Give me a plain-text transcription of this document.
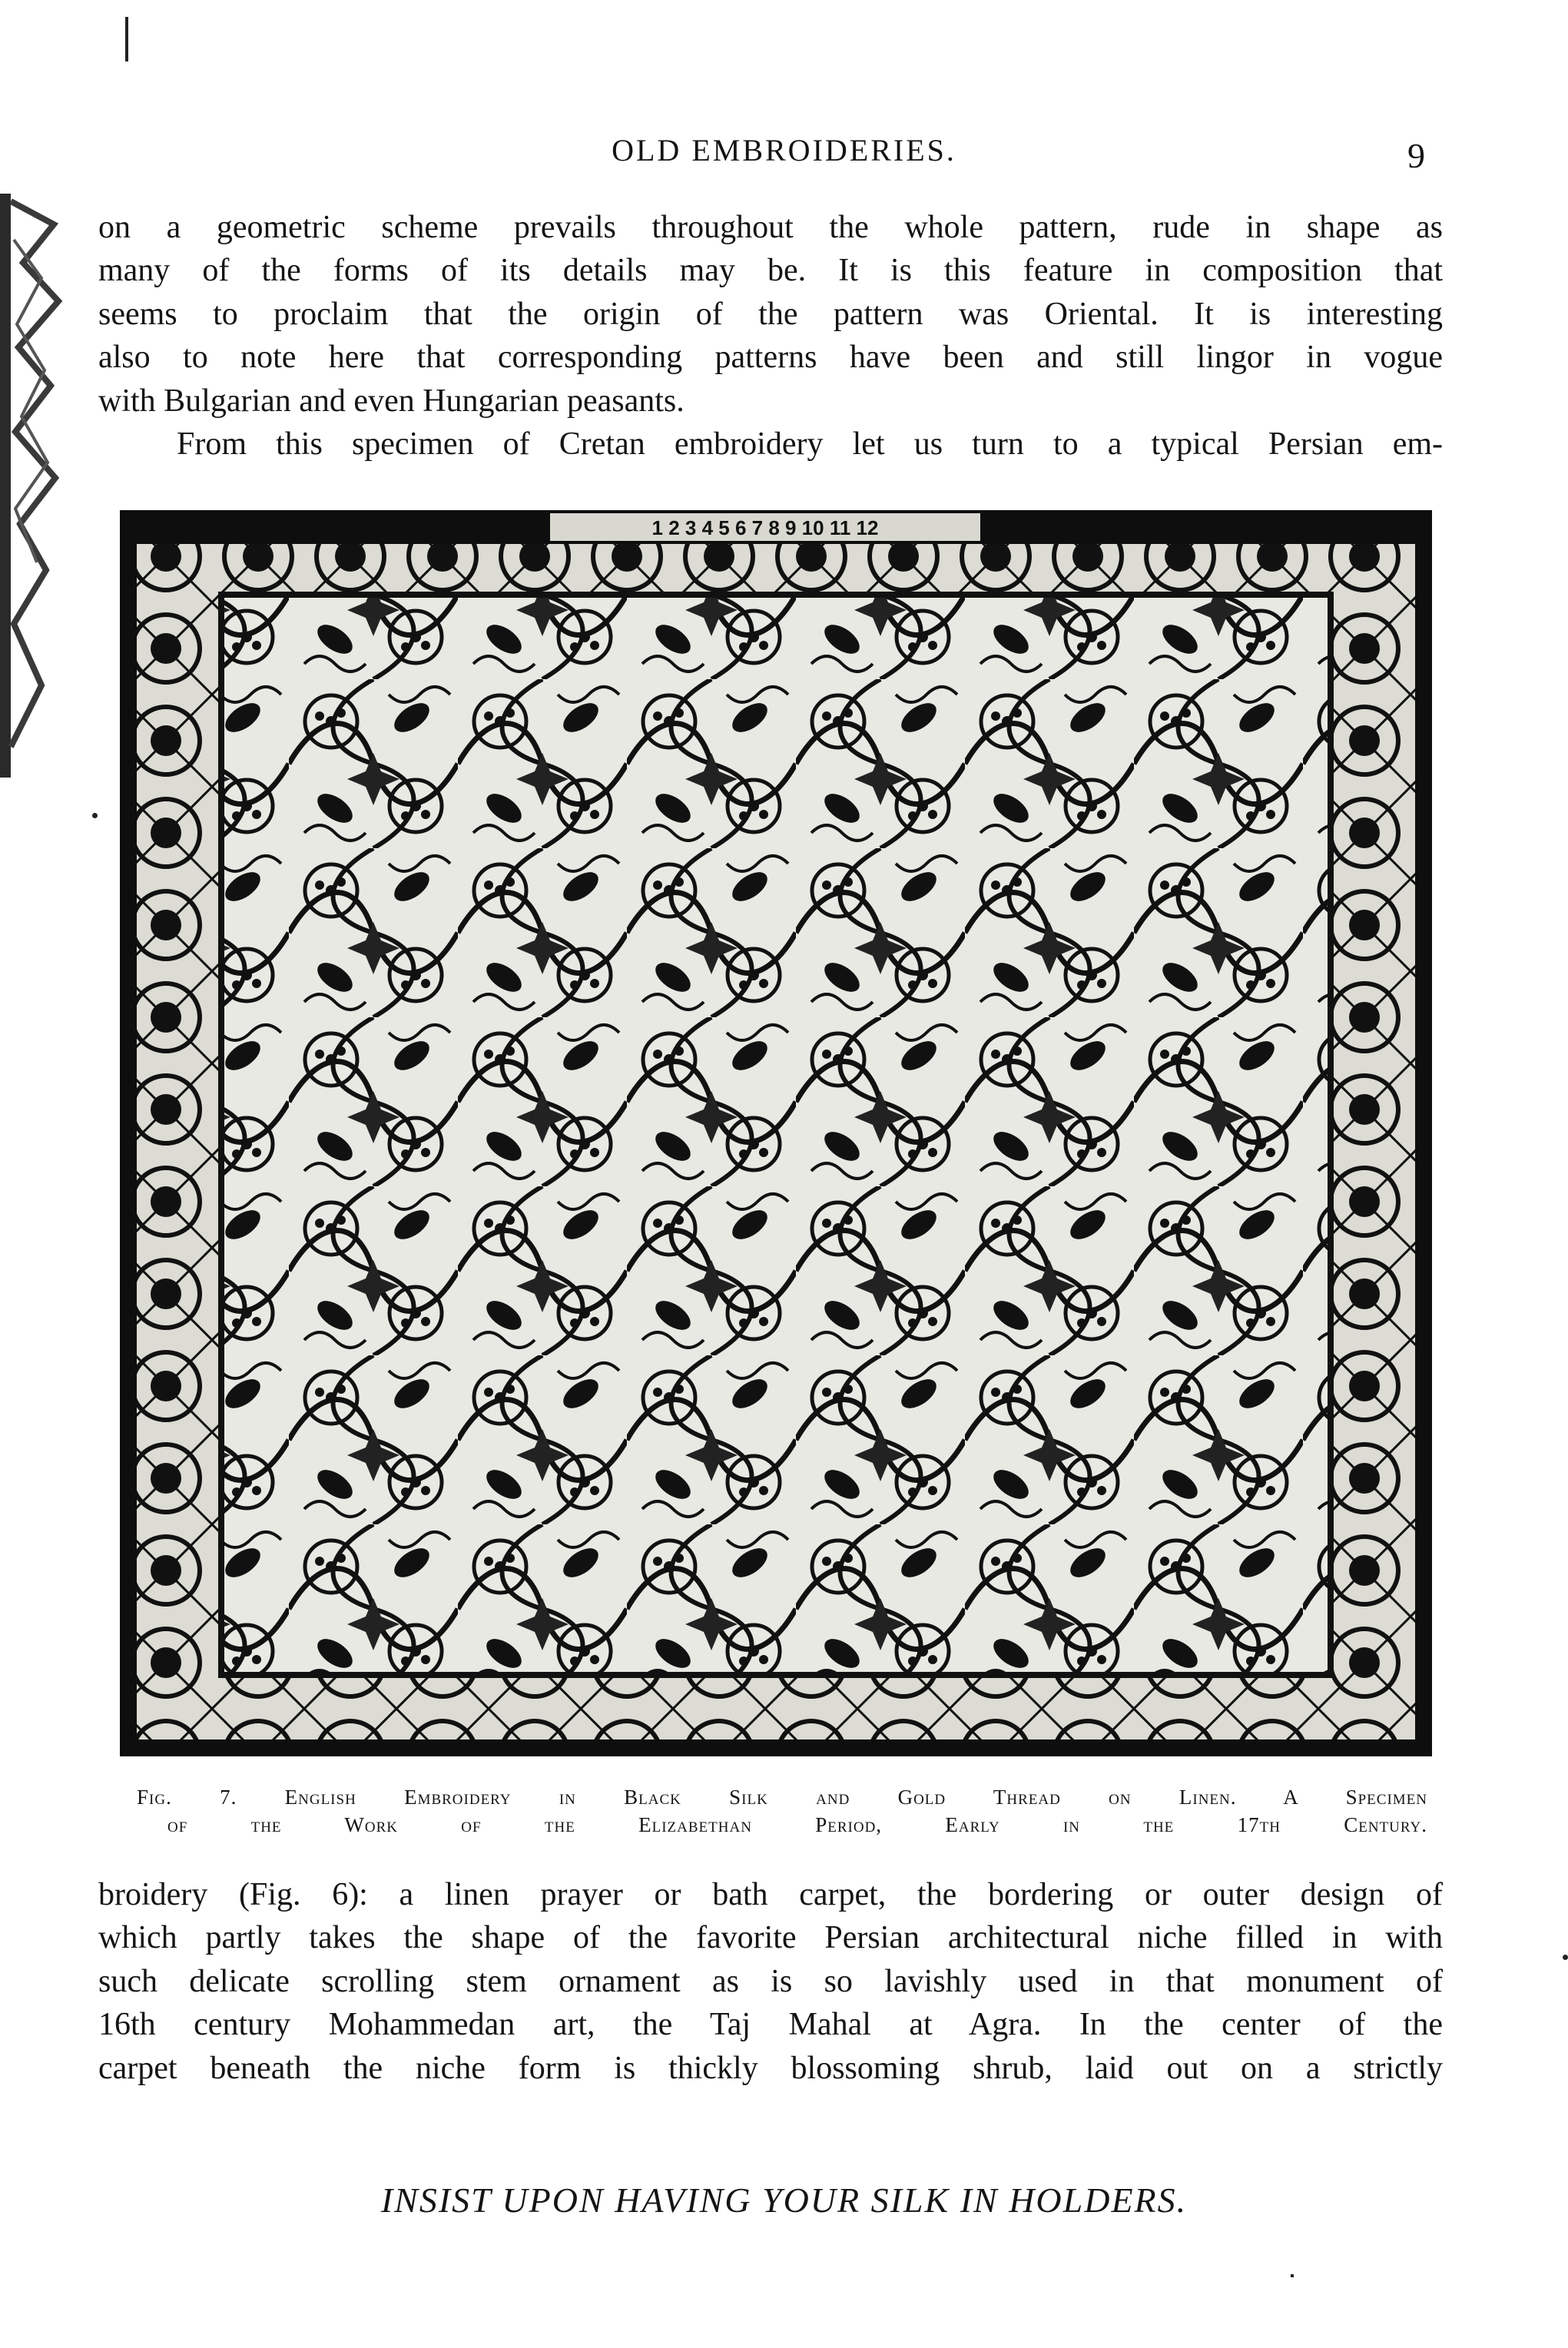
OLD EMBROIDERIES.	9
on a geometric scheme prevails throughout the whole pattern, rude in shape as
many of the forms of its details may be. It is this feature in composition that
seems to proclaim that the origin of the pattern was Oriental. It is interesting
also to note here that corresponding patterns have been and still lingor in vogue
with Bulgarian and even Hungarian peasants.
From this specimen of Cretan embroidery let us turn to a typical Persian em-
1 2 3 4 5 6 7 8 9 10 11 12
Fig. 7. English Embroidery in Black Silk and Gold Thread on Linen. A Specimen
of the Work of the Elizabethan Period, Early in the 17th Century.
broidery (Fig. 6): a linen prayer or bath carpet, the bordering or outer design of
which partly takes the shape of the favorite Persian architectural niche filled in with
such delicate scrolling stem ornament as is so lavishly used in that monument of
16th century Mohammedan art, the Taj Mahal at Agra. In the center of the
carpet beneath the niche form is thickly blossoming shrub, laid out on a strictly
INSIST UPON HAVING YOUR SILK IN HOLDERS.
